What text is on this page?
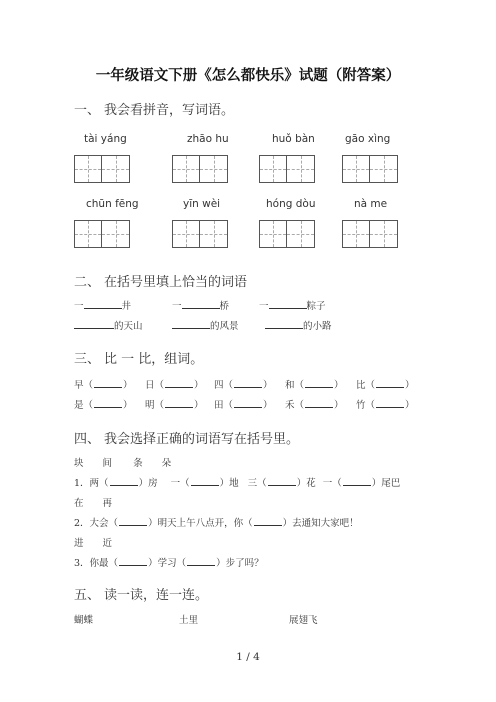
一年级语文下册《怎么都快乐》试题（附答案）
一、 我会看拼音，写词语。
tài yáng	zhāo hu	huǒ bàn	gāo xìng
chūn fēng	yīn wèi	hóng dòu	nà me
二、 在括号里填上恰当的词语
一	井	一	桥	一	粽子
的天山	的风景	的小路
三、 比 一 比，组词。
早（	） 日（	） 四（	） 和（	） 比（	）
是（	） 明（	） 田（	） 禾（	） 竹（	）
四、 我会选择正确的词语写在括号里。
块 间 条 朵
1．两（	）房 一（	）地 三（	）花 一（	）尾巴
在 再
2．大会（	）明天上午八点开，你（	）去通知大家吧！
进 近
3．你最（	）学习（	）步了吗？
五、 读一读，连一连。
蝴蝶	土里	展翅飞
1 / 4
